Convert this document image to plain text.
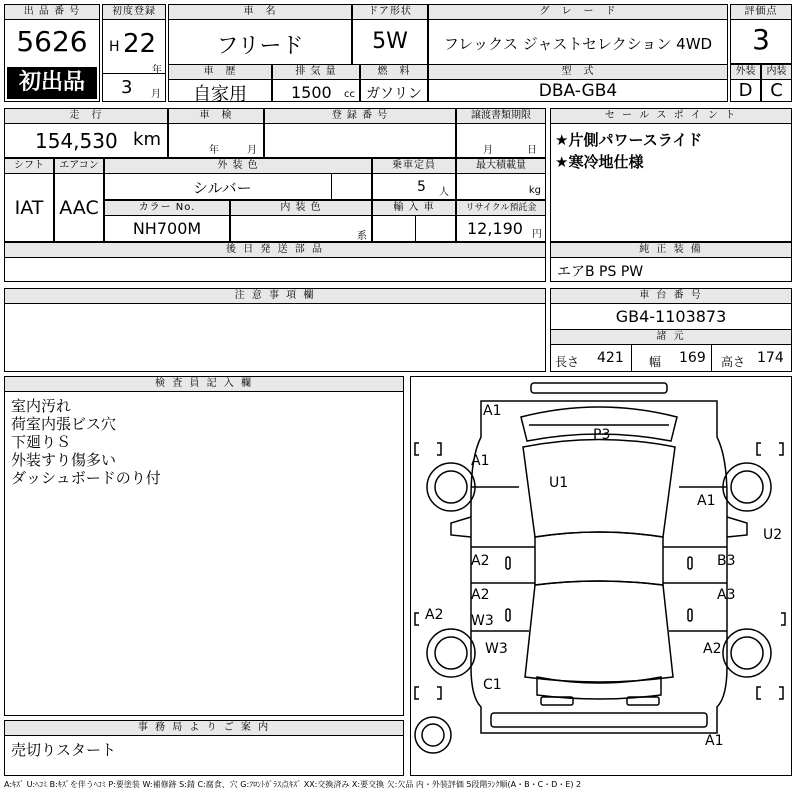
出 品 番 号
5626
初出品
初度登録
H 22
年
3 月
車　名
フリード
ドア形状
5W
グ　レ　ー　ド
フレックス ジャストセレクション 4WD
評価点
3
車　歴
自家用
排 気 量
1500 cc
燃　料
ガソリン
型　式
DBA-GB4
外装
D
内装
C
走　行
154,530 km
車　検
年	月
登 録 番 号	譲渡書類期限
月	日
シフト
IAT
エアコン
AAC
外 装 色
シルバー
乗車定員
5 人
最大積載量
kg
カラー No.
NH700M
内 装 色
系
輸 入 車	リサイクル預託金
12,190 円
セ ー ル ス ポ イ ン ト
★片側パワースライド
★寒冷地仕様
後 日 発 送 部 品	純 正 装 備
エアB PS PW
注 意 事 項 欄	車 台 番 号
GB4-1103873
諸 元
長さ 421 幅 169 高さ 174
検 査 員 記 入 欄
室内汚れ
荷室内張ビス穴
下廻りＳ
外装すり傷多い
ダッシュボードのり付
事 務 局 よ り ご 案 内
売切りスタート
A1
P3
A1
U1
A1
U2
A2	B3
A2	A3
A2 W3
W3	A2
C1
A1
A:ｷｽﾞ U:ﾍｺﾐ B:ｷｽﾞを伴うﾍｺﾐ P:要塗装 W:補修跡 S:錆 C:腐食、穴 G:ﾌﾛﾝﾄｶﾞﾗｽ点ｷｽﾞ XX:交換済み X:要交換 欠:欠品 内・外装評価 5段階ﾗﾝｸ順(A・B・C・D・E) 2
